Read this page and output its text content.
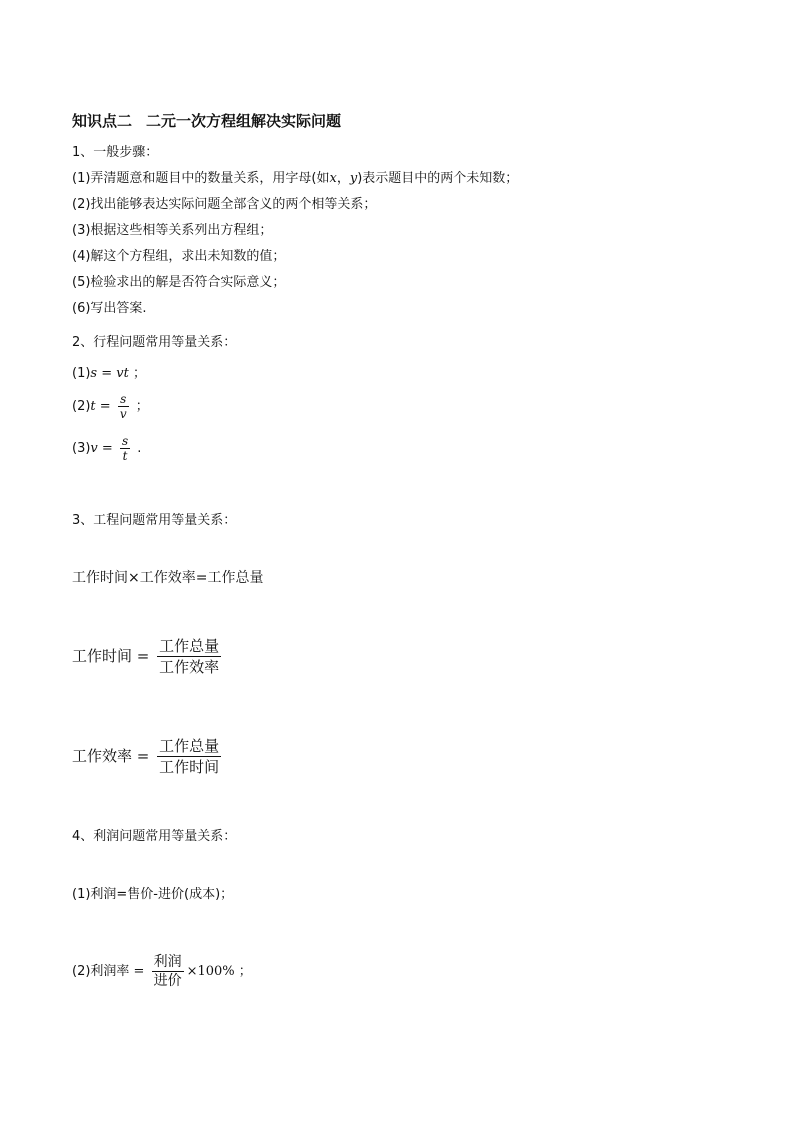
知识点二 二元一次方程组解决实际问题
1、一般步骤：
(1)弄清题意和题目中的数量关系，用字母(如x，y)表示题目中的两个未知数；
(2)找出能够表达实际问题全部含义的两个相等关系；
(3)根据这些相等关系列出方程组；
(4)解这个方程组，求出未知数的值；
(5)检验求出的解是否符合实际意义；
(6)写出答案.
2、行程问题常用等量关系：
(1)s = vt ；
$(2)t = \frac{s}{v}$ ；
$(3)v = \frac{s}{t}$ .
3、工程问题常用等量关系：
工作时间×工作效率=工作总量
工作时间 = $\frac{\text{工作总量}}{\text{工作效率}}$
工作效率 = $\frac{\text{工作总量}}{\text{工作时间}}$
4、利润问题常用等量关系：
(1)利润=售价-进价(成本)；
(2)利润率 = $\frac{\text{利润}}{\text{进价}} \times 100\%$ ；
